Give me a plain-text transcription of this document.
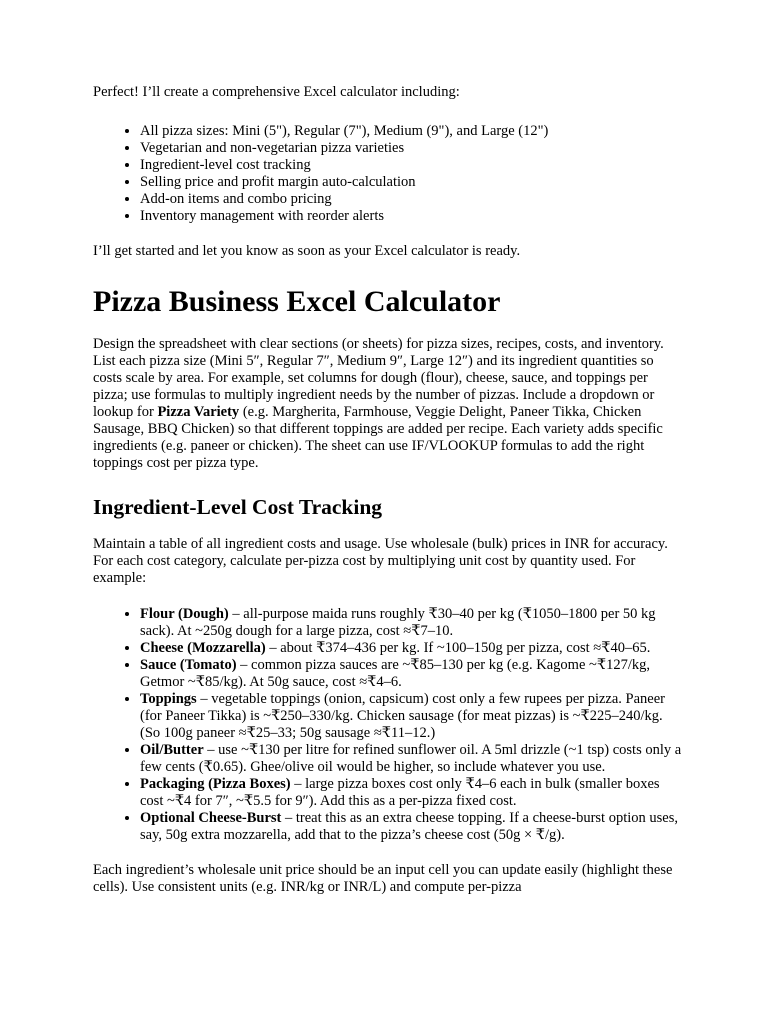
Perfect! I’ll create a comprehensive Excel calculator including:

• All pizza sizes: Mini (5"), Regular (7"), Medium (9"), and Large (12")
• Vegetarian and non-vegetarian pizza varieties
• Ingredient-level cost tracking
• Selling price and profit margin auto-calculation
• Add-on items and combo pricing
• Inventory management with reorder alerts

I’ll get started and let you know as soon as your Excel calculator is ready.

Pizza Business Excel Calculator

Design the spreadsheet with clear sections (or sheets) for pizza sizes, recipes, costs, and inventory. List each pizza size (Mini 5″, Regular 7″, Medium 9″, Large 12″) and its ingredient quantities so costs scale by area. For example, set columns for dough (flour), cheese, sauce, and toppings per pizza; use formulas to multiply ingredient needs by the number of pizzas. Include a dropdown or lookup for Pizza Variety (e.g. Margherita, Farmhouse, Veggie Delight, Paneer Tikka, Chicken Sausage, BBQ Chicken) so that different toppings are added per recipe. Each variety adds specific ingredients (e.g. paneer or chicken). The sheet can use IF/VLOOKUP formulas to add the right toppings cost per pizza type.

Ingredient-Level Cost Tracking

Maintain a table of all ingredient costs and usage. Use wholesale (bulk) prices in INR for accuracy. For each cost category, calculate per-pizza cost by multiplying unit cost by quantity used. For example:

• Flour (Dough) – all-purpose maida runs roughly ₹30–40 per kg (₹1050–1800 per 50 kg sack). At ~250g dough for a large pizza, cost ≈₹7–10.
• Cheese (Mozzarella) – about ₹374–436 per kg. If ~100–150g per pizza, cost ≈₹40–65.
• Sauce (Tomato) – common pizza sauces are ~₹85–130 per kg (e.g. Kagome ~₹127/kg, Getmor ~₹85/kg). At 50g sauce, cost ≈₹4–6.
• Toppings – vegetable toppings (onion, capsicum) cost only a few rupees per pizza. Paneer (for Paneer Tikka) is ~₹250–330/kg. Chicken sausage (for meat pizzas) is ~₹225–240/kg. (So 100g paneer ≈₹25–33; 50g sausage ≈₹11–12.)
• Oil/Butter – use ~₹130 per litre for refined sunflower oil. A 5ml drizzle (~1 tsp) costs only a few cents (₹0.65). Ghee/olive oil would be higher, so include whatever you use.
• Packaging (Pizza Boxes) – large pizza boxes cost only ₹4–6 each in bulk (smaller boxes cost ~₹4 for 7″, ~₹5.5 for 9″). Add this as a per-pizza fixed cost.
• Optional Cheese-Burst – treat this as an extra cheese topping. If a cheese-burst option uses, say, 50g extra mozzarella, add that to the pizza’s cheese cost (50g × ₹/g).

Each ingredient’s wholesale unit price should be an input cell you can update easily (highlight these cells). Use consistent units (e.g. INR/kg or INR/L) and compute per-pizza
